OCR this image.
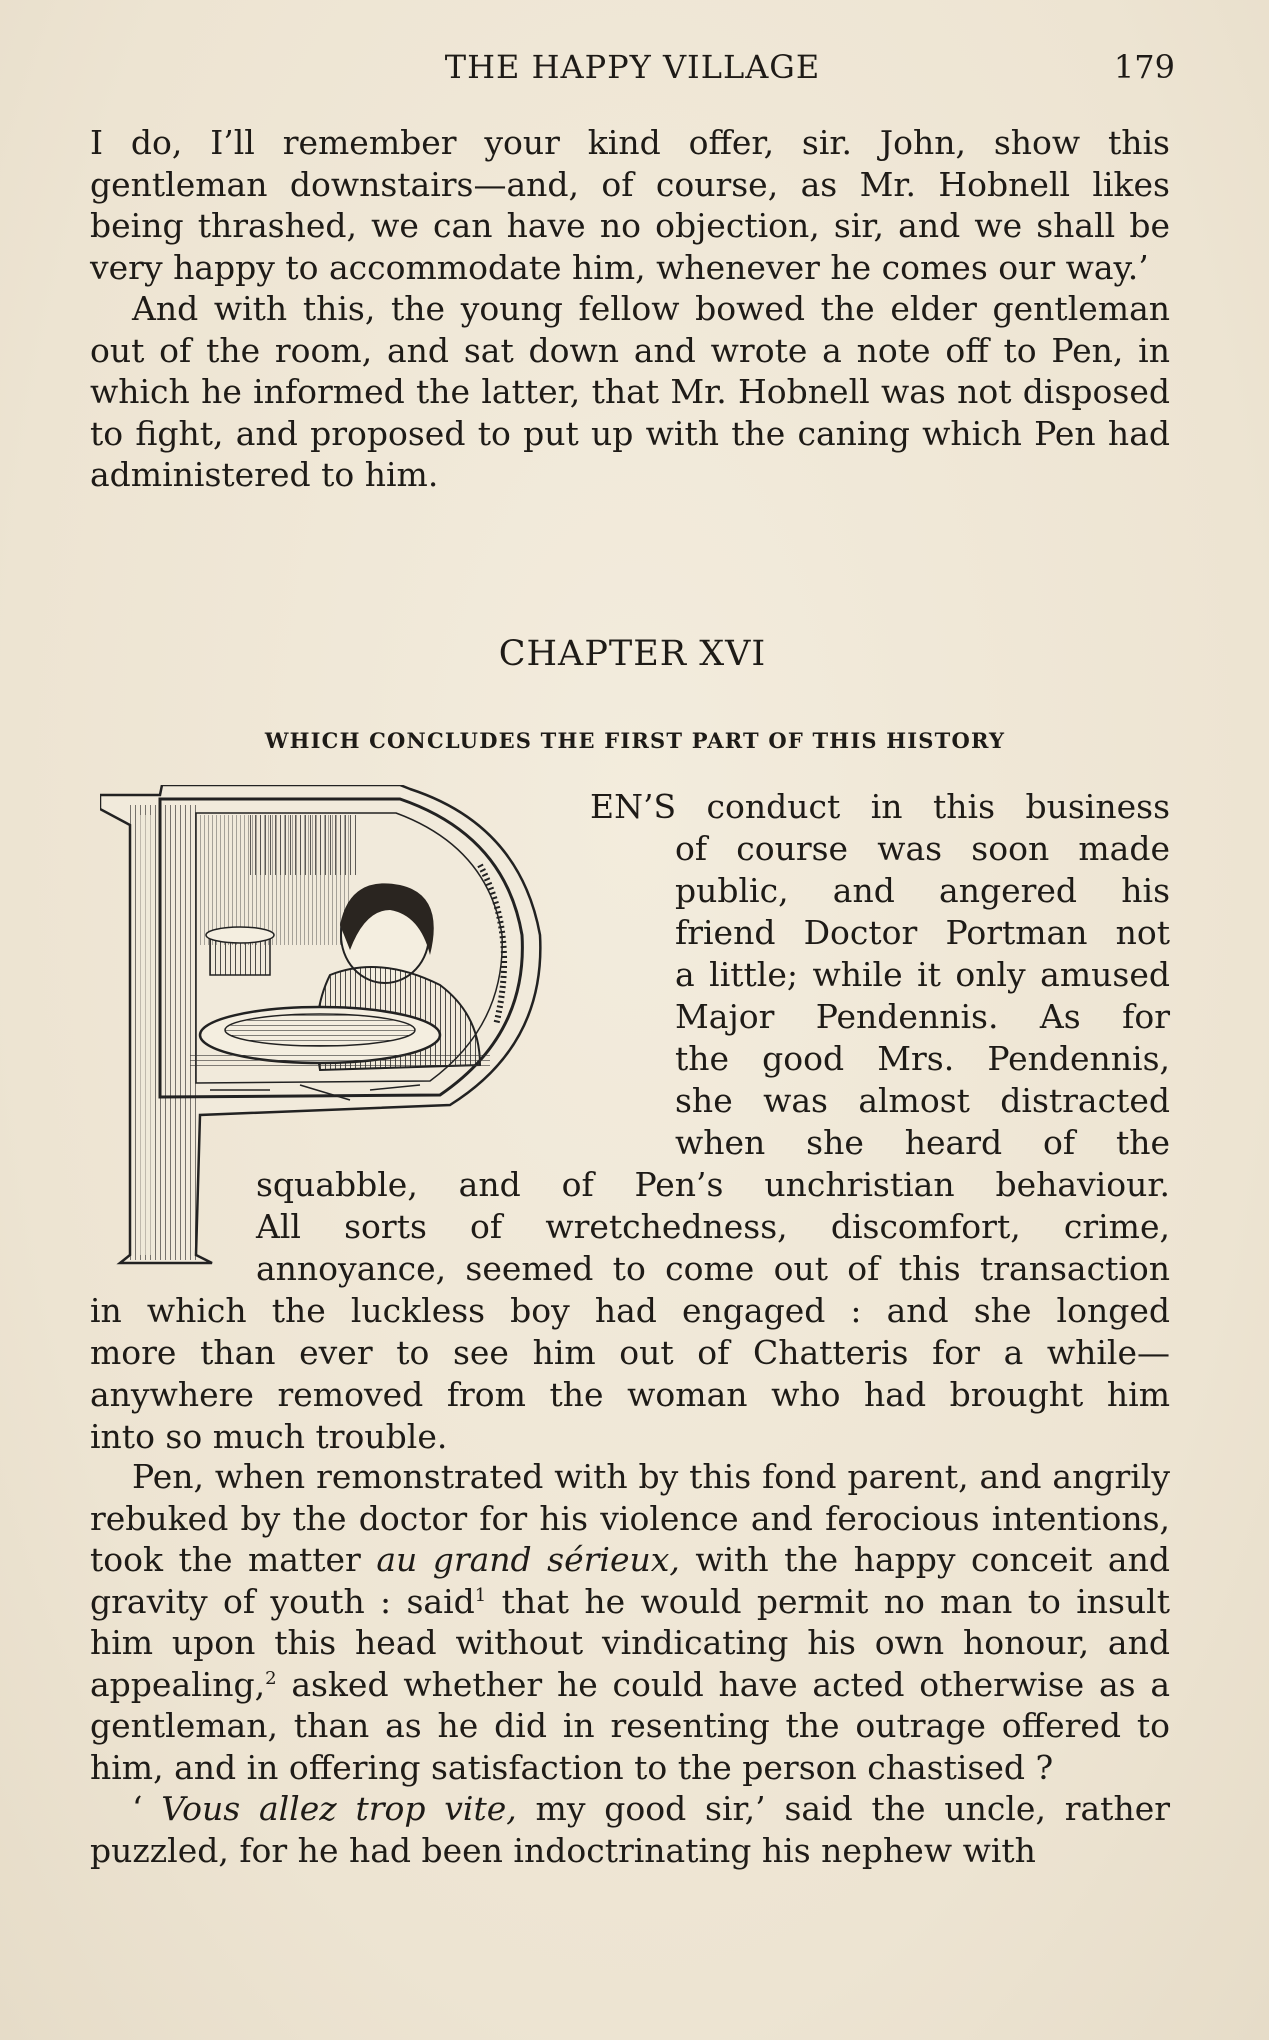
THE HAPPY VILLAGE	179

I do, I’ll remember your kind offer, sir. John, show this gentleman downstairs—and, of course, as Mr. Hobnell likes being thrashed, we can have no objection, sir, and we shall be very happy to accommodate him, whenever he comes our way.’

And with this, the young fellow bowed the elder gentleman out of the room, and sat down and wrote a note off to Pen, in which he informed the latter, that Mr. Hobnell was not disposed to fight, and proposed to put up with the caning which Pen had administered to him.

CHAPTER XVI
WHICH CONCLUDES THE FIRST PART OF THIS HISTORY
EN’S conduct in this business
of course was soon made
public, and angered his
friend Doctor Portman not
a little; while it only amused
Major Pendennis. As for
the good Mrs. Pendennis,
she was almost distracted
when she heard of the
squabble, and of Pen’s unchristian behaviour.
All sorts of wretchedness, discomfort, crime,
annoyance, seemed to come out of this transaction
in which the luckless boy had engaged : and she longed
more than ever to see him out of Chatteris for a while—
anywhere removed from the woman who had brought him
into so much trouble.

Pen, when remonstrated with by this fond parent, and angrily rebuked by the doctor for his violence and ferocious intentions, took the matter au grand sérieux, with the happy conceit and gravity of youth : said$^1$ that he would permit no man to insult him upon this head without vindicating his own honour, and appealing,$^2$ asked whether he could have acted otherwise as a gentleman, than as he did in resenting the outrage offered to him, and in offering satisfaction to the person chastised ?

‘ Vous allez trop vite, my good sir,’ said the uncle, rather puzzled, for he had been indoctrinating his nephew with
